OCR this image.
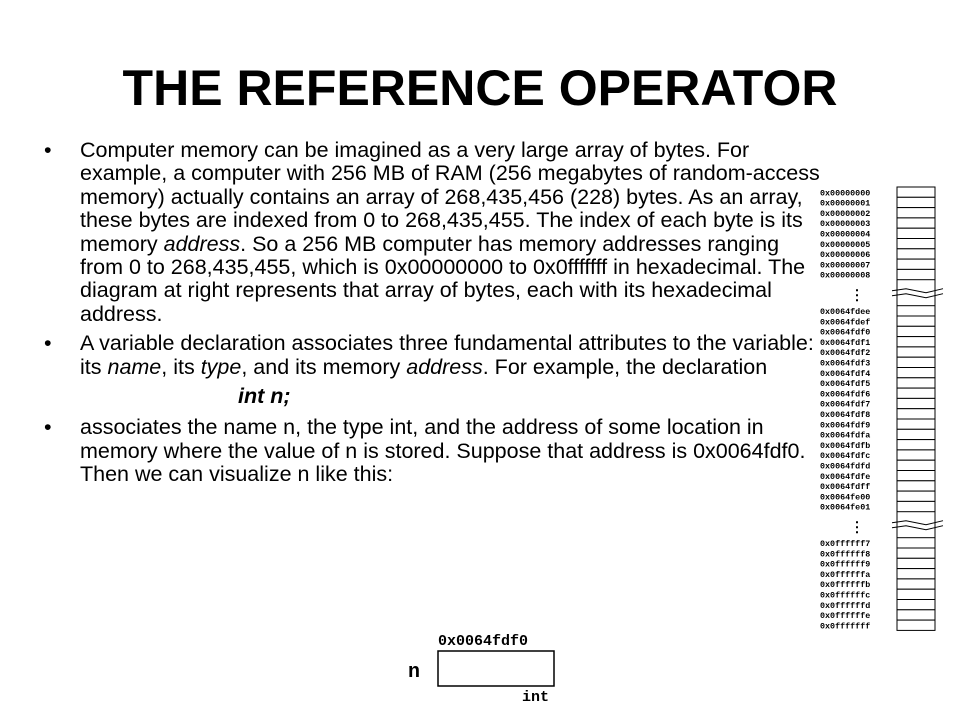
THE REFERENCE OPERATOR
• Computer memory can be imagined as a very large array of bytes. For example, a computer with 256 MB of RAM (256 megabytes of random-access memory) actually contains an array of 268,435,456 (228) bytes. As an array, these bytes are indexed from 0 to 268,435,455. The index of each byte is its memory address. So a 256 MB computer has memory addresses ranging from 0 to 268,435,455, which is 0x00000000 to 0x0fffffff in hexadecimal. The diagram at right represents that array of bytes, each with its hexadecimal address.
• A variable declaration associates three fundamental attributes to the variable: its name, its type, and its memory address. For example, the declaration
int n;
• associates the name n, the type int, and the address of some location in memory where the value of n is stored. Suppose that address is 0x0064fdf0. Then we can visualize n like this:
0x00000000
0x00000001
0x00000002
0x00000003
0x00000004
0x00000005
0x00000006
0x00000007
0x00000008
⋮
0x0064fdee
0x0064fdef
0x0064fdf0
0x0064fdf1
0x0064fdf2
0x0064fdf3
0x0064fdf4
0x0064fdf5
0x0064fdf6
0x0064fdf7
0x0064fdf8
0x0064fdf9
0x0064fdfa
0x0064fdfb
0x0064fdfc
0x0064fdfd
0x0064fdfe
0x0064fdff
0x0064fe00
0x0064fe01
⋮
0x0ffffff7
0x0ffffff8
0x0ffffff9
0x0ffffffa
0x0ffffffb
0x0ffffffc
0x0ffffffd
0x0ffffffe
0x0fffffff
0x0064fdf0
n
int
